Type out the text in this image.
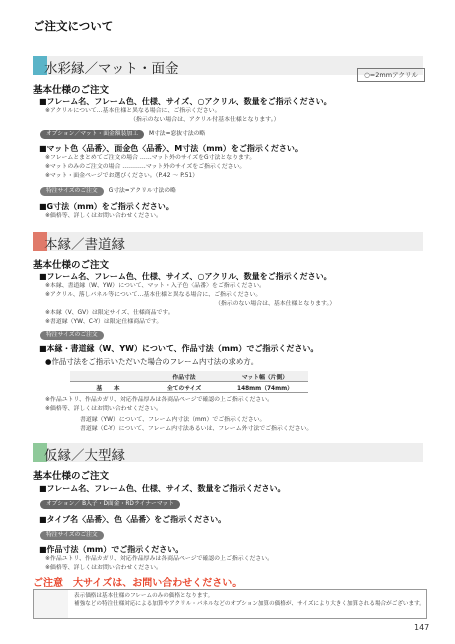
ご注文について
水彩縁／マット・面金	○=2mmアクリル
基本仕様のご注文
■フレーム名、フレーム色、仕様、サイズ、○アクリル、数量をご指示ください。
※アクリルについて…基本仕様と異なる場合に、ご指示ください。
（指示のない場合は、アクリル付基本仕様となります。）
オプション／マット・面金額装加工 M寸法=窓抜寸法の略
■マット色〈品番〉、面金色〈品番〉、M寸法（mm）をご指示ください。
※フレームとまとめてご注文の場合 ……マット外のサイズをG寸法となります。
※マットのみのご注文の場合 …………マット外のサイズをご指示ください。
※マット・面金ページでお選びください。（P.42 ～ P.51）
特注サイズのご注文 G寸法=アクリル寸法の略
■G寸法（mm）をご指示ください。
※価格等、詳しくはお問い合わせください。
本縁／書道縁
基本仕様のご注文
■フレーム名、フレーム色、仕様、サイズ、○アクリル、数量をご指示ください。
※本縁、書道縁（W、YW）について、マット・入子色〈品番〉をご指示ください。
※アクリル、落しパネル等について…基本仕様と異なる場合に、ご指示ください。
（指示のない場合は、基本仕様となります。）
※本縁（V、GV）は限定サイズ、仕様商品です。
※書道縁（YW、C-Y）は限定仕様商品です。
特注サイズのご注文
■本縁・書道縁（W、YW）について、作品寸法（mm）でご指示ください。
●作品寸法をご指示いただいた場合のフレーム内寸法の求め方。
	作品寸法	マット幅（片側）
基　　本	全てのサイズ	148mm（74mm）
※作品ユトリ、作品カガリ、対応作品厚みは各商品ページで確認の上ご指示ください。
※価格等、詳しくはお問い合わせください。
書道縁（YW）について、フレーム内寸法（mm）でご指示ください。
書道縁（C-Y）について、フレーム内寸法あるいは、フレーム外寸法でご指示ください。
仮縁／大型縁
基本仕様のご注文
■フレーム名、フレーム色、仕様、サイズ、数量をご指示ください。
オプション／ B入子・D面金・RDライナーマット
■タイプ名〈品番〉、色〈品番〉をご指示ください。
特注サイズのご注文
■作品寸法（mm）でご指示ください。
※作品ユトリ、作品カガリ、対応作品厚みは各商品ページで確認の上ご指示ください。
※価格等、詳しくはお問い合わせください。
ご注意　大サイズは、お問い合わせください。
表示価格は基本仕様のフレームのみの価格となります。
補強などの特注仕様対応による加算やアクリル・パネルなどのオプション加算の価格が、サイズにより大きく加算される場合がございます。
147
